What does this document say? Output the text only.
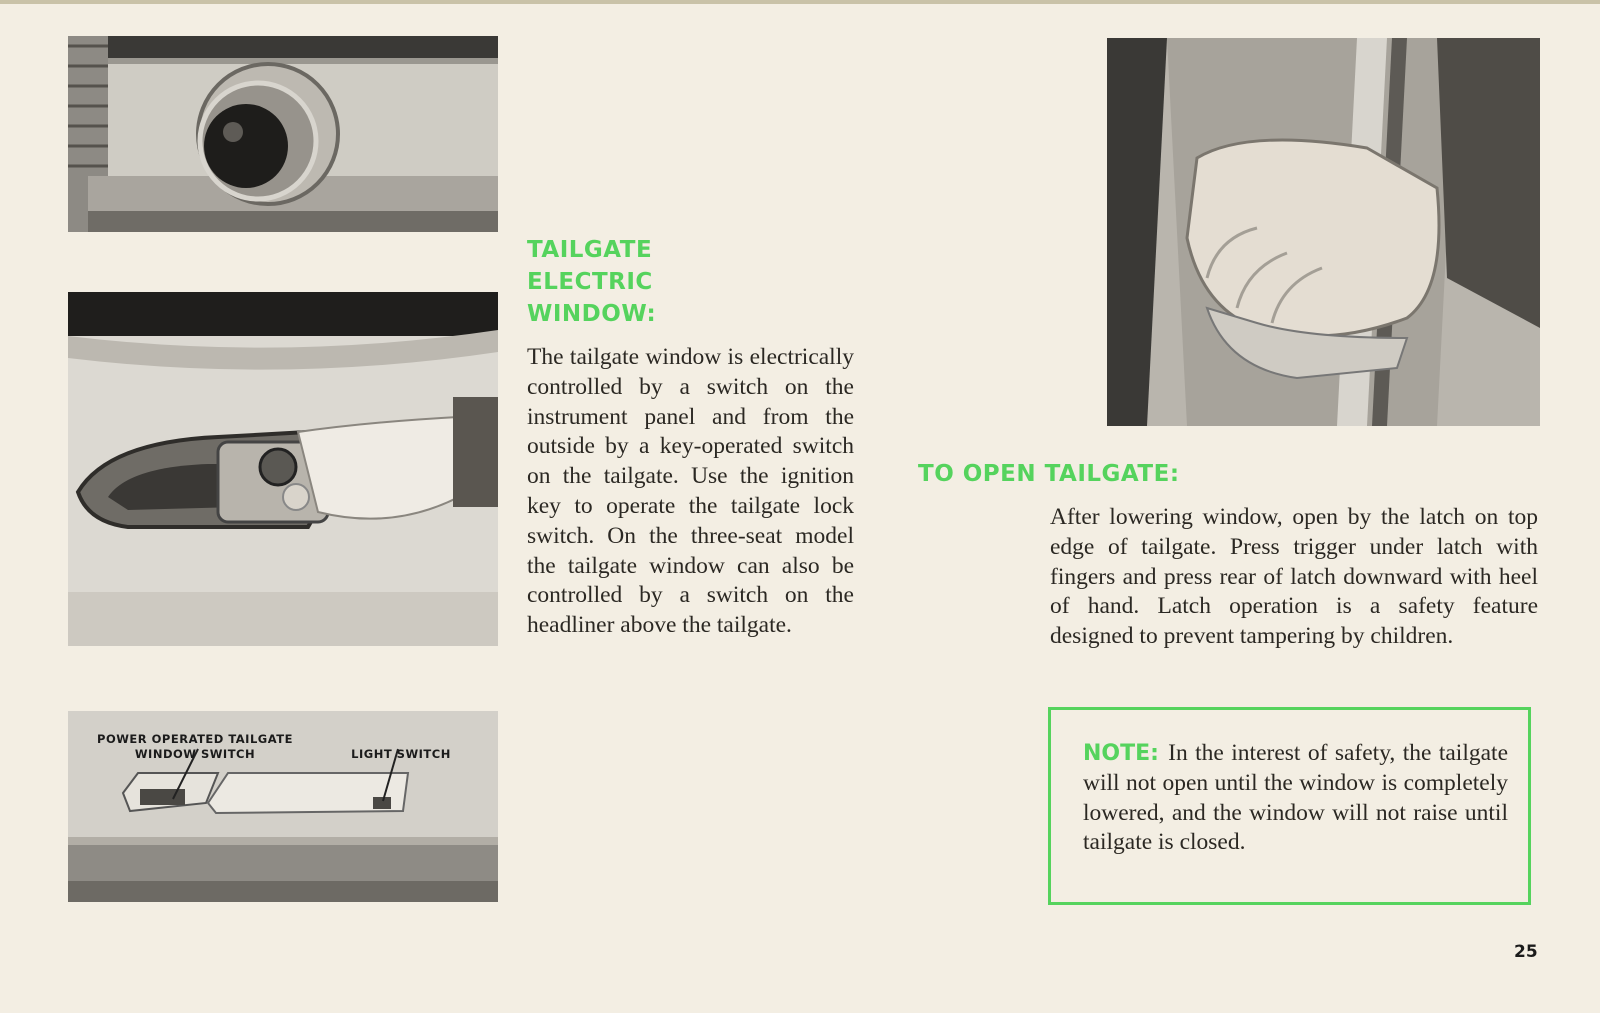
POWER OPERATED TAILGATE
WINDOW SWITCH	LIGHT SWITCH
TAILGATE
ELECTRIC
WINDOW:
The tailgate window is electrically controlled by a switch on the instrument panel and from the outside by a key-operated switch on the tailgate. Use the ignition key to operate the tailgate lock switch. On the three-seat model the tailgate window can also be controlled by a switch on the headliner above the tailgate.
TO OPEN TAILGATE:
After lowering window, open by the latch on top edge of tailgate. Press trigger under latch with fingers and press rear of latch downward with heel of hand. Latch operation is a safety feature designed to prevent tampering by children.
NOTE: In the interest of safety, the tailgate will not open until the window is completely lowered, and the window will not raise until tailgate is closed.
25
